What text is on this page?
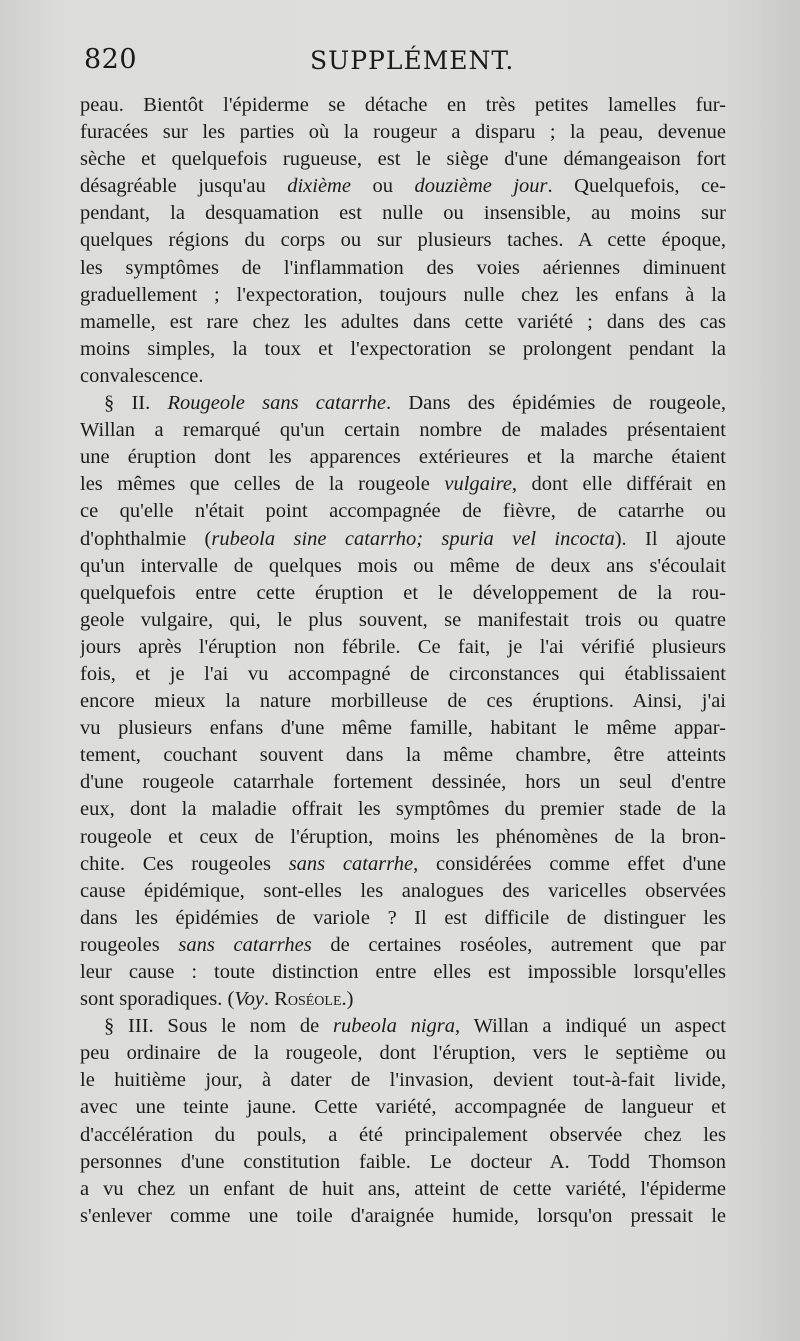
820	SUPPLÉMENT.
peau. Bientôt l'épiderme se détache en très petites lamelles fur-
furacées sur les parties où la rougeur a disparu ; la peau, devenue
sèche et quelquefois rugueuse, est le siège d'une démangeaison fort
désagréable jusqu'au dixième ou douzième jour. Quelquefois, ce-
pendant, la desquamation est nulle ou insensible, au moins sur
quelques régions du corps ou sur plusieurs taches. A cette époque,
les symptômes de l'inflammation des voies aériennes diminuent
graduellement ; l'expectoration, toujours nulle chez les enfans à la
mamelle, est rare chez les adultes dans cette variété ; dans des cas
moins simples, la toux et l'expectoration se prolongent pendant la
convalescence.
§ II. Rougeole sans catarrhe. Dans des épidémies de rougeole,
Willan a remarqué qu'un certain nombre de malades présentaient
une éruption dont les apparences extérieures et la marche étaient
les mêmes que celles de la rougeole vulgaire, dont elle différait en
ce qu'elle n'était point accompagnée de fièvre, de catarrhe ou
d'ophthalmie (rubeola sine catarrho; spuria vel incocta). Il ajoute
qu'un intervalle de quelques mois ou même de deux ans s'écoulait
quelquefois entre cette éruption et le développement de la rou-
geole vulgaire, qui, le plus souvent, se manifestait trois ou quatre
jours après l'éruption non fébrile. Ce fait, je l'ai vérifié plusieurs
fois, et je l'ai vu accompagné de circonstances qui établissaient
encore mieux la nature morbilleuse de ces éruptions. Ainsi, j'ai
vu plusieurs enfans d'une même famille, habitant le même appar-
tement, couchant souvent dans la même chambre, être atteints
d'une rougeole catarrhale fortement dessinée, hors un seul d'entre
eux, dont la maladie offrait les symptômes du premier stade de la
rougeole et ceux de l'éruption, moins les phénomènes de la bron-
chite. Ces rougeoles sans catarrhe, considérées comme effet d'une
cause épidémique, sont-elles les analogues des varicelles observées
dans les épidémies de variole ? Il est difficile de distinguer les
rougeoles sans catarrhes de certaines roséoles, autrement que par
leur cause : toute distinction entre elles est impossible lorsqu'elles
sont sporadiques. (Voy. Roséole.)
§ III. Sous le nom de rubeola nigra, Willan a indiqué un aspect
peu ordinaire de la rougeole, dont l'éruption, vers le septième ou
le huitième jour, à dater de l'invasion, devient tout-à-fait livide,
avec une teinte jaune. Cette variété, accompagnée de langueur et
d'accélération du pouls, a été principalement observée chez les
personnes d'une constitution faible. Le docteur A. Todd Thomson
a vu chez un enfant de huit ans, atteint de cette variété, l'épiderme
s'enlever comme une toile d'araignée humide, lorsqu'on pressait le
